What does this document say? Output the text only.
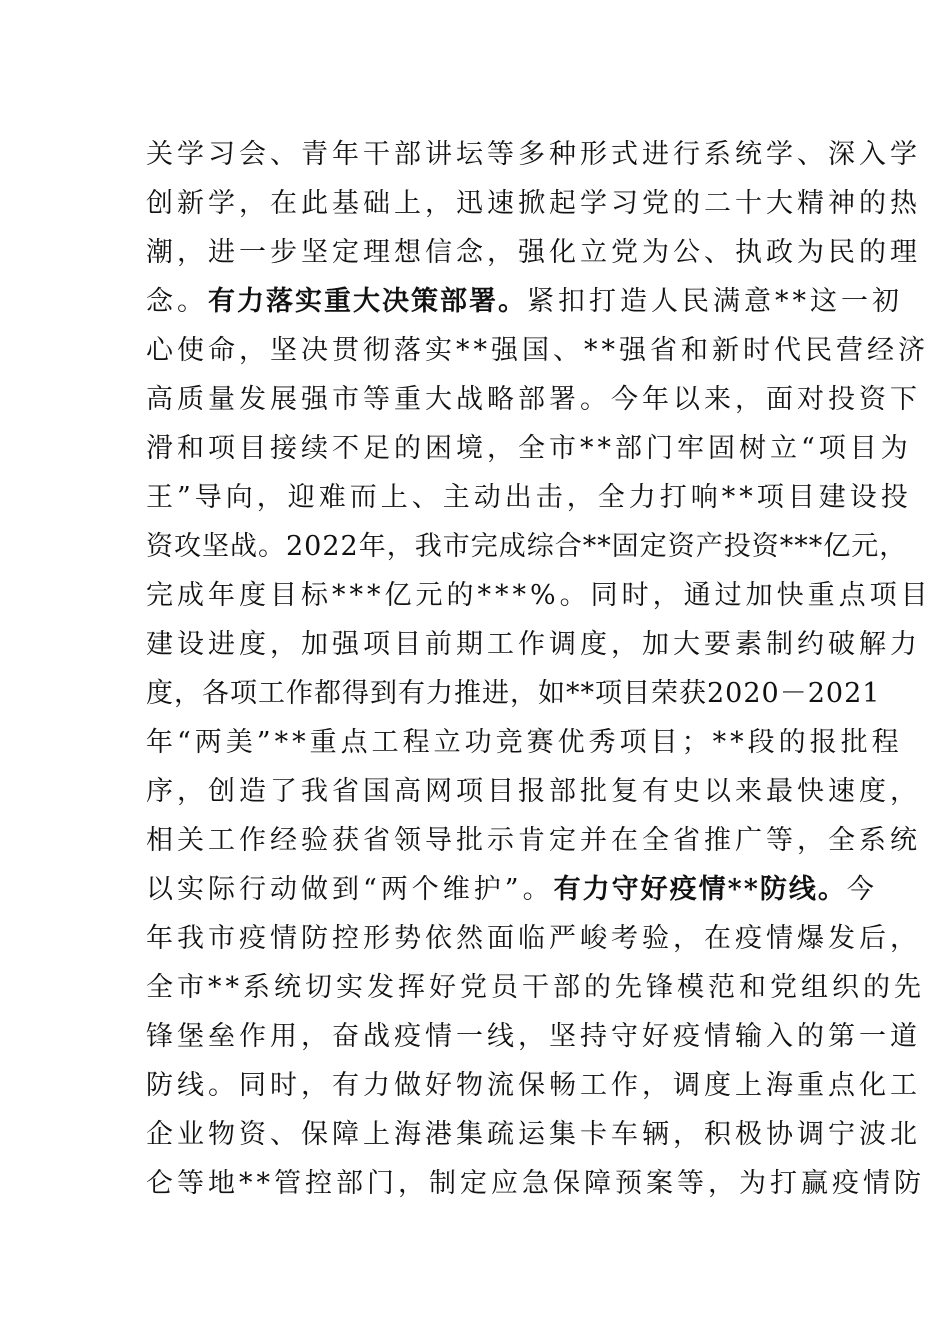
关学习会、青年干部讲坛等多种形式进行系统学、深入学
创新学，在此基础上，迅速掀起学习党的二十大精神的热
潮，进一步坚定理想信念，强化立党为公、执政为民的理
念。有力落实重大决策部署。紧扣打造人民满意**这一初
心使命，坚决贯彻落实**强国、**强省和新时代民营经济
高质量发展强市等重大战略部署。今年以来，面对投资下
滑和项目接续不足的困境，全市**部门牢固树立“项目为
王”导向，迎难而上、主动出击，全力打响**项目建设投
资攻坚战。2022年，我市完成综合**固定资产投资***亿元，
完成年度目标***亿元的***%。同时，通过加快重点项目
建设进度，加强项目前期工作调度，加大要素制约破解力
度，各项工作都得到有力推进，如**项目荣获2020－2021
年“两美”**重点工程立功竞赛优秀项目；**段的报批程
序，创造了我省国高网项目报部批复有史以来最快速度，
相关工作经验获省领导批示肯定并在全省推广等，全系统
以实际行动做到“两个维护”。有力守好疫情**防线。今
年我市疫情防控形势依然面临严峻考验，在疫情爆发后，
全市**系统切实发挥好党员干部的先锋模范和党组织的先
锋堡垒作用，奋战疫情一线，坚持守好疫情输入的第一道
防线。同时，有力做好物流保畅工作，调度上海重点化工
企业物资、保障上海港集疏运集卡车辆，积极协调宁波北
仑等地**管控部门，制定应急保障预案等，为打赢疫情防
